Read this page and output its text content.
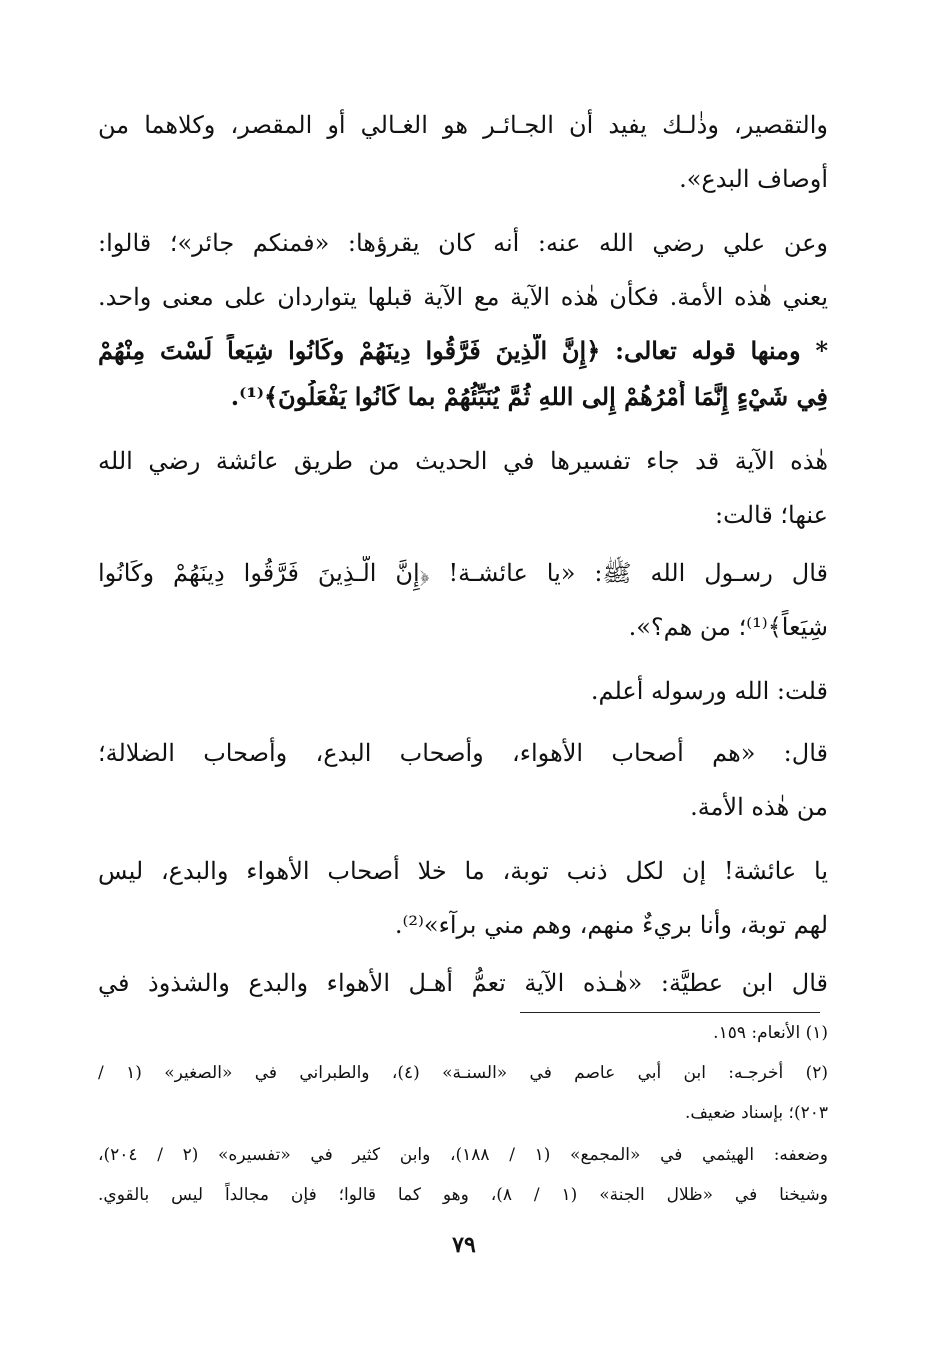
والتقصير، وذٰلـك يفيد أن الجـائـر هو الغـالي أو المقصر، وكلاهما من
أوصاف البدع».
وعن علي رضي الله عنه: أنه كان يقرؤها: «فمنكم جائر»؛ قالوا:
يعني هٰذه الأمة. فكأن هٰذه الآية مع الآية قبلها يتواردان على معنى واحد.
* ومنها قوله تعالى: ﴿إِنَّ الَّذِينَ فَرَّقُوا دِينَهُمْ وكَانُوا شِيَعاً لَسْتَ مِنْهُمْ
فِي شَيْءٍ إِنَّمَا أَمْرُهُمْ إِلى اللهِ ثُمَّ يُنَبِّئُهُمْ بما كَانُوا يَفْعَلُونَ﴾⁽¹⁾.
هٰذه الآية قد جاء تفسيرها في الحديث من طريق عائشة رضي الله
عنها؛ قالت:
قال رسـول الله ﷺ: «يا عائشـة! ﴿إِنَّ الَّـذِينَ فَرَّقُوا دِينَهُمْ وكَانُوا
شِيَعاً﴾⁽¹⁾؛ من هم؟».
قلت: الله ورسوله أعلم.
قال: «هم أصحاب الأهواء، وأصحاب البدع، وأصحاب الضلالة؛
من هٰذه الأمة.
يا عائشة! إن لكل ذنب توبة، ما خلا أصحاب الأهواء والبدع، ليس
لهم توبة، وأنا بريءٌ منهم، وهم مني برآء»⁽²⁾.
قال ابن عطيَّة: «هٰـذه الآية تعمُّ أهـل الأهواء والبدع والشذوذ في
(١) الأنعام: ١٥٩.
(٢) أخرجـه: ابن أبي عاصم في «السنـة» (٤)، والطبراني في «الصغير» (١ /
٢٠٣)؛ بإسناد ضعيف.
وضعفه: الهيثمي في «المجمع» (١ / ١٨٨)، وابن كثير في «تفسيره» (٢ / ٢٠٤)،
وشيخنا في «ظلال الجنة» (١ / ٨)، وهو كما قالوا؛ فإن مجالداً ليس بالقوي.
٧٩
